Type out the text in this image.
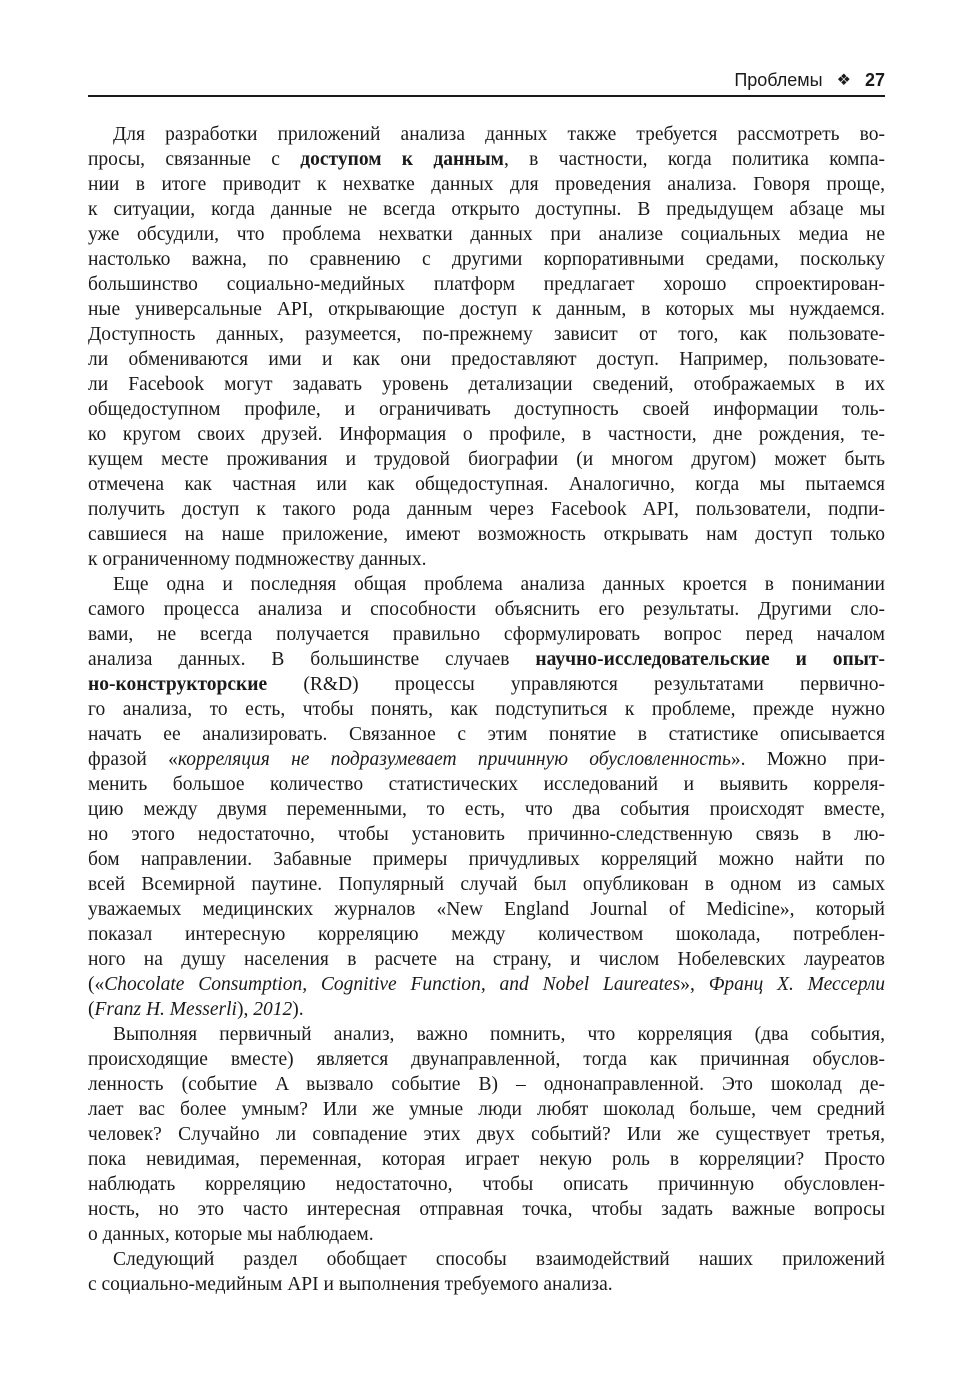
Проблемы ❖ 27
Для разработки приложений анализа данных также требуется рассмотреть во-
просы, связанные с доступом к данным, в частности, когда политика компа-
нии в итоге приводит к нехватке данных для проведения анализа. Говоря проще,
к ситуации, когда данные не всегда открыто доступны. В предыдущем абзаце мы
уже обсудили, что проблема нехватки данных при анализе социальных медиа не
настолько важна, по сравнению с другими корпоративными средами, поскольку
большинство социально-медийных платформ предлагает хорошо спроектирован-
ные универсальные API, открывающие доступ к данным, в которых мы нуждаемся.
Доступность данных, разумеется, по-прежнему зависит от того, как пользовате-
ли обмениваются ими и как они предоставляют доступ. Например, пользовате-
ли Facebook могут задавать уровень детализации сведений, отображаемых в их
общедоступном профиле, и ограничивать доступность своей информации толь-
ко кругом своих друзей. Информация о профиле, в частности, дне рождения, те-
кущем месте проживания и трудовой биографии (и многом другом) может быть
отмечена как частная или как общедоступная. Аналогично, когда мы пытаемся
получить доступ к такого рода данным через Facebook API, пользователи, подпи-
савшиеся на наше приложение, имеют возможность открывать нам доступ только
к ограниченному подмножеству данных.
Еще одна и последняя общая проблема анализа данных кроется в понимании
самого процесса анализа и способности объяснить его результаты. Другими сло-
вами, не всегда получается правильно сформулировать вопрос перед началом
анализа данных. В большинстве случаев научно-исследовательские и опыт-
но-конструкторские (R&D) процессы управляются результатами первично-
го анализа, то есть, чтобы понять, как подступиться к проблеме, прежде нужно
начать ее анализировать. Связанное с этим понятие в статистике описывается
фразой «корреляция не подразумевает причинную обусловленность». Можно при-
менить большое количество статистических исследований и выявить корреля-
цию между двумя переменными, то есть, что два события происходят вместе,
но этого недостаточно, чтобы установить причинно-следственную связь в лю-
бом направлении. Забавные примеры причудливых корреляций можно найти по
всей Всемирной паутине. Популярный случай был опубликован в одном из самых
уважаемых медицинских журналов «New England Journal of Medicine», который
показал интересную корреляцию между количеством шоколада, потреблен-
ного на душу населения в расчете на страну, и числом Нобелевских лауреатов
(«Chocolate Consumption, Cognitive Function, and Nobel Laureates», Франц Х. Мессерли
(Franz H. Messerli), 2012).
Выполняя первичный анализ, важно помнить, что корреляция (два события,
происходящие вместе) является двунаправленной, тогда как причинная обуслов-
ленность (событие A вызвало событие B) – однонаправленной. Это шоколад де-
лает вас более умным? Или же умные люди любят шоколад больше, чем средний
человек? Случайно ли совпадение этих двух событий? Или же существует третья,
пока невидимая, переменная, которая играет некую роль в корреляции? Просто
наблюдать корреляцию недостаточно, чтобы описать причинную обусловлен-
ность, но это часто интересная отправная точка, чтобы задать важные вопросы
о данных, которые мы наблюдаем.
Следующий раздел обобщает способы взаимодействий наших приложений
с социально-медийным API и выполнения требуемого анализа.
